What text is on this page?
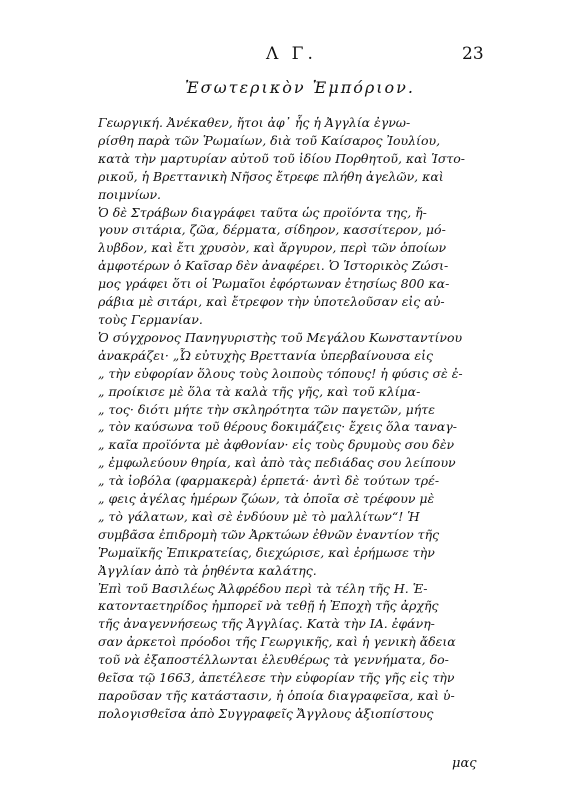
Λ Γ.	23
Ἐσωτερικὸν Ἐμπόριον.
Γεωργική. Ἀνέκαθεν, ἤτοι ἀφ᾿ ἧς ἡ Ἀγγλία ἐγνω-
ρίσθη παρὰ τῶν Ῥωμαίων, διὰ τοῦ Καίσαρος Ἰουλίου,
κατὰ τὴν μαρτυρίαν αὐτοῦ τοῦ ἰδίου Πορθητοῦ, καὶ Ἱστο-
ρικοῦ, ἡ Βρεττανικὴ Νῆσος ἔτρεφε πλήθη ἀγελῶν, καὶ
ποιμνίων.
Ὁ δὲ Στράβων διαγράφει ταῦτα ὡς προϊόντα της, ἤ-
γουν σιτάρια, ζῶα, δέρματα, σίδηρον, κασσίτερον, μό-
λυβδον, καὶ ἔτι χρυσὸν, καὶ ἄργυρον, περὶ τῶν ὁποίων
ἀμφοτέρων ὁ Καῖσαρ δὲν ἀναφέρει. Ὁ Ἱστορικὸς Ζώσι-
μος γράφει ὅτι οἱ Ῥωμαῖοι ἐφόρτωναν ἐτησίως 800 κα-
ράβια μὲ σιτάρι, καὶ ἔτρεφον τὴν ὑποτελοῦσαν εἰς αὐ-
τοὺς Γερμανίαν.
Ὁ σύγχρονος Πανηγυριστὴς τοῦ Μεγάλου Κωνσταντίνου
ἀνακράζει· „Ὦ εὐτυχὴς Βρεττανία ὑπερβαίνουσα εἰς
„ τὴν εὐφορίαν ὅλους τοὺς λοιποὺς τόπους! ἡ φύσις σὲ ἐ-
„ προίκισε μὲ ὅλα τὰ καλὰ τῆς γῆς, καὶ τοῦ κλίμα-
„ τος· διότι μήτε τὴν σκληρότητα τῶν παγετῶν, μήτε
„ τὸν καύσωνα τοῦ θέρους δοκιμάζεις· ἔχεις ὅλα ταναγ-
„ καῖα προϊόντα μὲ ἀφθονίαν· εἰς τοὺς δρυμοὺς σου δὲν
„ ἐμφωλεύουν θηρία, καὶ ἀπὸ τὰς πεδιάδας σου λείπουν
„ τὰ ἰοβόλα (φαρμακερὰ) ἑρπετά· ἀντὶ δὲ τούτων τρέ-
„ φεις ἀγέλας ἡμέρων ζώων, τὰ ὁποῖα σὲ τρέφουν μὲ
„ τὸ γάλατων, καὶ σὲ ἐνδύουν μὲ τὸ μαλλίτων“! Ἡ
συμβᾶσα ἐπιδρομὴ τῶν Ἀρκτώων ἐθνῶν ἐναντίον τῆς
Ῥωμαϊκῆς Ἐπικρατείας, διεχώρισε, καὶ ἐρήμωσε τὴν
Ἀγγλίαν ἀπὸ τὰ ῥηθέντα καλάτης.
Ἐπὶ τοῦ Βασιλέως Ἀλφρέδου περὶ τὰ τέλη τῆς Η. Ἑ-
κατονταετηρίδος ἠμπορεῖ νὰ τεθῇ ἡ Ἐποχὴ τῆς ἀρχῆς
τῆς ἀναγεννήσεως τῆς Ἀγγλίας. Κατὰ τὴν ΙΑ. ἐφάνη-
σαν ἀρκετοὶ πρόοδοι τῆς Γεωργικῆς, καὶ ἡ γενικὴ ἄδεια
τοῦ νὰ ἐξαποστέλλωνται ἐλευθέρως τὰ γεννήματα, δο-
θεῖσα τῷ 1663, ἀπετέλεσε τὴν εὐφορίαν τῆς γῆς εἰς τὴν
παροῦσαν τῆς κατάστασιν, ἡ ὁποία διαγραφεῖσα, καὶ ὑ-
πολογισθεῖσα ἀπὸ Συγγραφεῖς Ἄγγλους ἀξιοπίστους
μας
